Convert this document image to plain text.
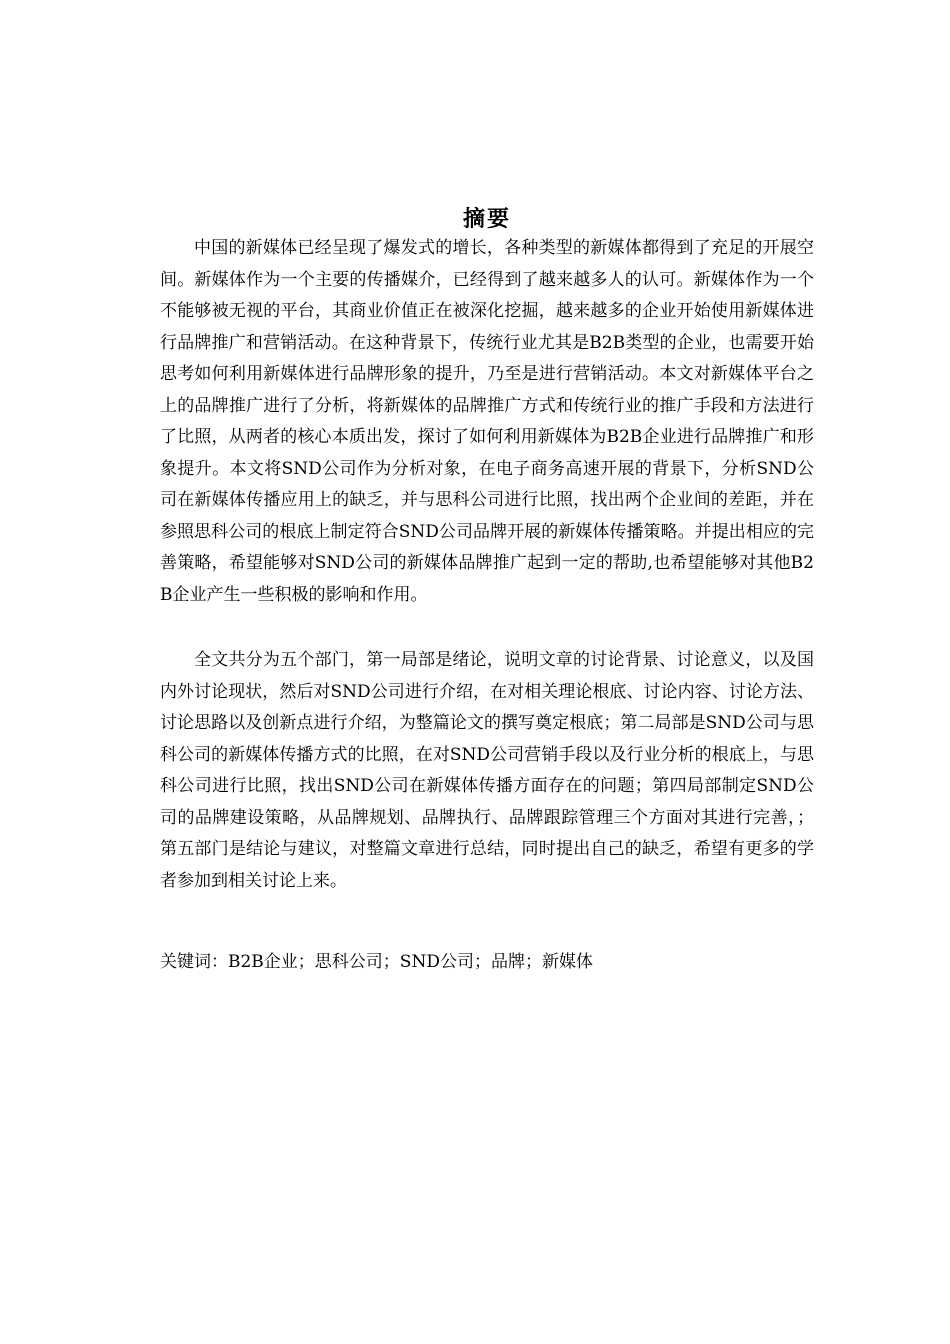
摘要

中国的新媒体已经呈现了爆发式的增长，各种类型的新媒体都得到了充足的开展空间。新媒体作为一个主要的传播媒介，已经得到了越来越多人的认可。新媒体作为一个不能够被无视的平台，其商业价值正在被深化挖掘，越来越多的企业开始使用新媒体进行品牌推广和营销活动。在这种背景下，传统行业尤其是B2B类型的企业，也需要开始思考如何利用新媒体进行品牌形象的提升，乃至是进行营销活动。本文对新媒体平台之上的品牌推广进行了分析，将新媒体的品牌推广方式和传统行业的推广手段和方法进行了比照，从两者的核心本质出发，探讨了如何利用新媒体为B2B企业进行品牌推广和形象提升。本文将SND公司作为分析对象，在电子商务高速开展的背景下，分析SND公司在新媒体传播应用上的缺乏，并与思科公司进行比照，找出两个企业间的差距，并在参照思科公司的根底上制定符合SND公司品牌开展的新媒体传播策略。并提出相应的完善策略，希望能够对SND公司的新媒体品牌推广起到一定的帮助,也希望能够对其他B2B企业产生一些积极的影响和作用。

全文共分为五个部门，第一局部是绪论，说明文章的讨论背景、讨论意义，以及国内外讨论现状，然后对SND公司进行介绍，在对相关理论根底、讨论内容、讨论方法、讨论思路以及创新点进行介绍，为整篇论文的撰写奠定根底；第二局部是SND公司与思科公司的新媒体传播方式的比照，在对SND公司营销手段以及行业分析的根底上，与思科公司进行比照，找出SND公司在新媒体传播方面存在的问题；第四局部制定SND公司的品牌建设策略，从品牌规划、品牌执行、品牌跟踪管理三个方面对其进行完善，；第五部门是结论与建议，对整篇文章进行总结，同时提出自己的缺乏，希望有更多的学者参加到相关讨论上来。

关键词：B2B企业；思科公司；SND公司；品牌；新媒体
